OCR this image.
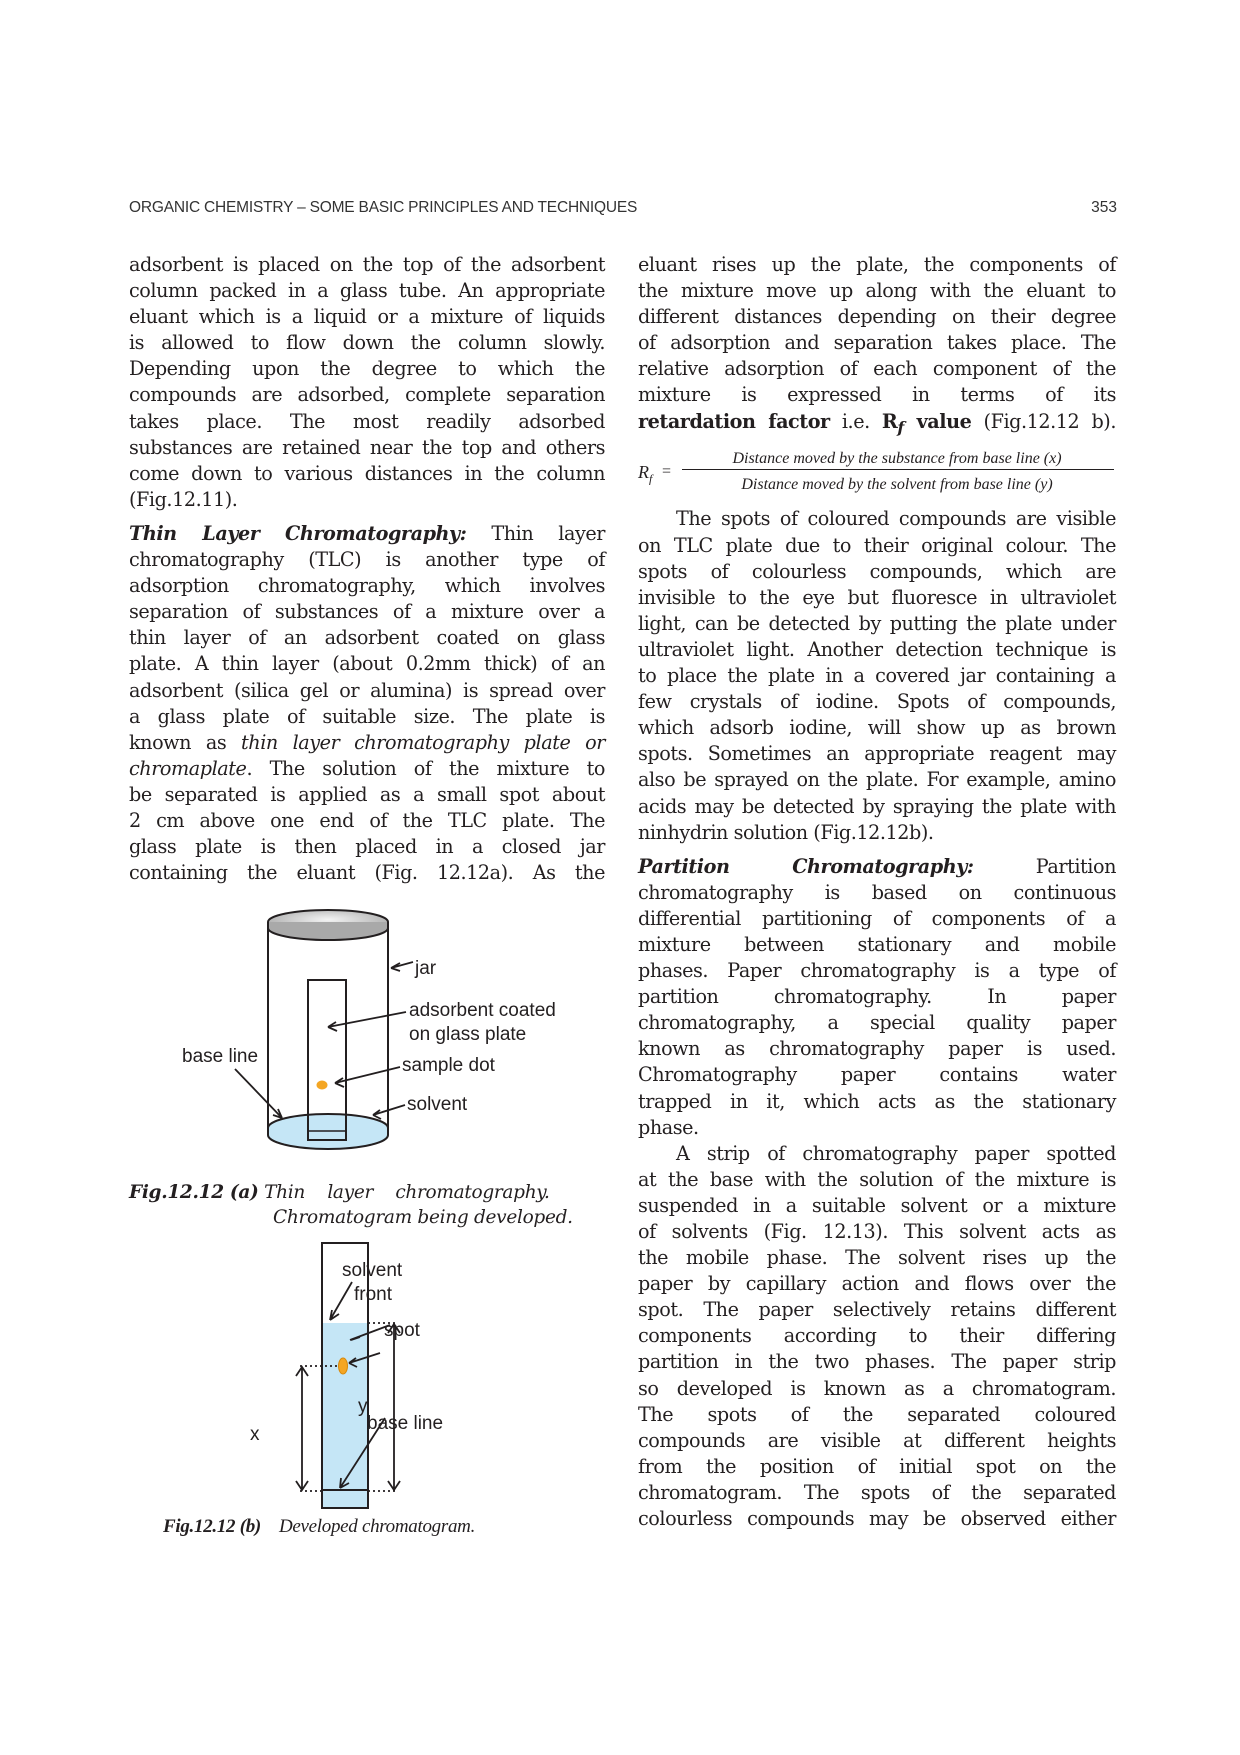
ORGANIC CHEMISTRY – SOME BASIC PRINCIPLES AND TECHNIQUES	353

adsorbent is placed on the top of the adsorbent
column packed in a glass tube. An appropriate
eluant which is a liquid or a mixture of liquids
is allowed to flow down the column slowly.
Depending upon the degree to which the
compounds are adsorbed, complete separation
takes place. The most readily adsorbed
substances are retained near the top and others
come down to various distances in the column
(Fig.12.11).

Thin Layer Chromatography: Thin layer
chromatography (TLC) is another type of
adsorption chromatography, which involves
separation of substances of a mixture over a
thin layer of an adsorbent coated on glass
plate. A thin layer (about 0.2mm thick) of an
adsorbent (silica gel or alumina) is spread over
a glass plate of suitable size. The plate is
known as thin layer chromatography plate or
chromaplate. The solution of the mixture to
be separated is applied as a small spot about
2 cm above one end of the TLC plate. The
glass plate is then placed in a closed jar
containing the eluant (Fig. 12.12a). As the

jar
adsorbent coated
on glass plate
base line	sample dot
solvent
Fig.12.12 (a) Thin    layer    chromatography.
Chromatogram being developed.
solvent
front
spot
y
x
base line
Fig.12.12 (b) Developed chromatogram.

eluant rises up the plate, the components of
the mixture move up along with the eluant to
different distances depending on their degree
of adsorption and separation takes place. The
relative adsorption of each component of the
mixture is expressed in terms of its
retardation factor i.e. $R_f$ value (Fig.12.12 b).

$R_f$ =
Distance moved by the substance from base line (x)
Distance moved by the solvent from base line (y)

The spots of coloured compounds are visible
on TLC plate due to their original colour. The
spots of colourless compounds, which are
invisible to the eye but fluoresce in ultraviolet
light, can be detected by putting the plate under
ultraviolet light. Another detection technique is
to place the plate in a covered jar containing a
few crystals of iodine. Spots of compounds,
which adsorb iodine, will show up as brown
spots. Sometimes an appropriate reagent may
also be sprayed on the plate. For example, amino
acids may be detected by spraying the plate with
ninhydrin solution (Fig.12.12b).

Partition Chromatography: Partition
chromatography is based on continuous
differential partitioning of components of a
mixture between stationary and mobile
phases. Paper chromatography is a type of
partition chromatography. In paper
chromatography, a special quality paper
known as chromatography paper is used.
Chromatography paper contains water
trapped in it, which acts as the stationary
phase.

A strip of chromatography paper spotted
at the base with the solution of the mixture is
suspended in a suitable solvent or a mixture
of solvents (Fig. 12.13). This solvent acts as
the mobile phase. The solvent rises up the
paper by capillary action and flows over the
spot. The paper selectively retains different
components according to their differing
partition in the two phases. The paper strip
so developed is known as a chromatogram.
The spots of the separated coloured
compounds are visible at different heights
from the position of initial spot on the
chromatogram. The spots of the separated
colourless compounds may be observed either
